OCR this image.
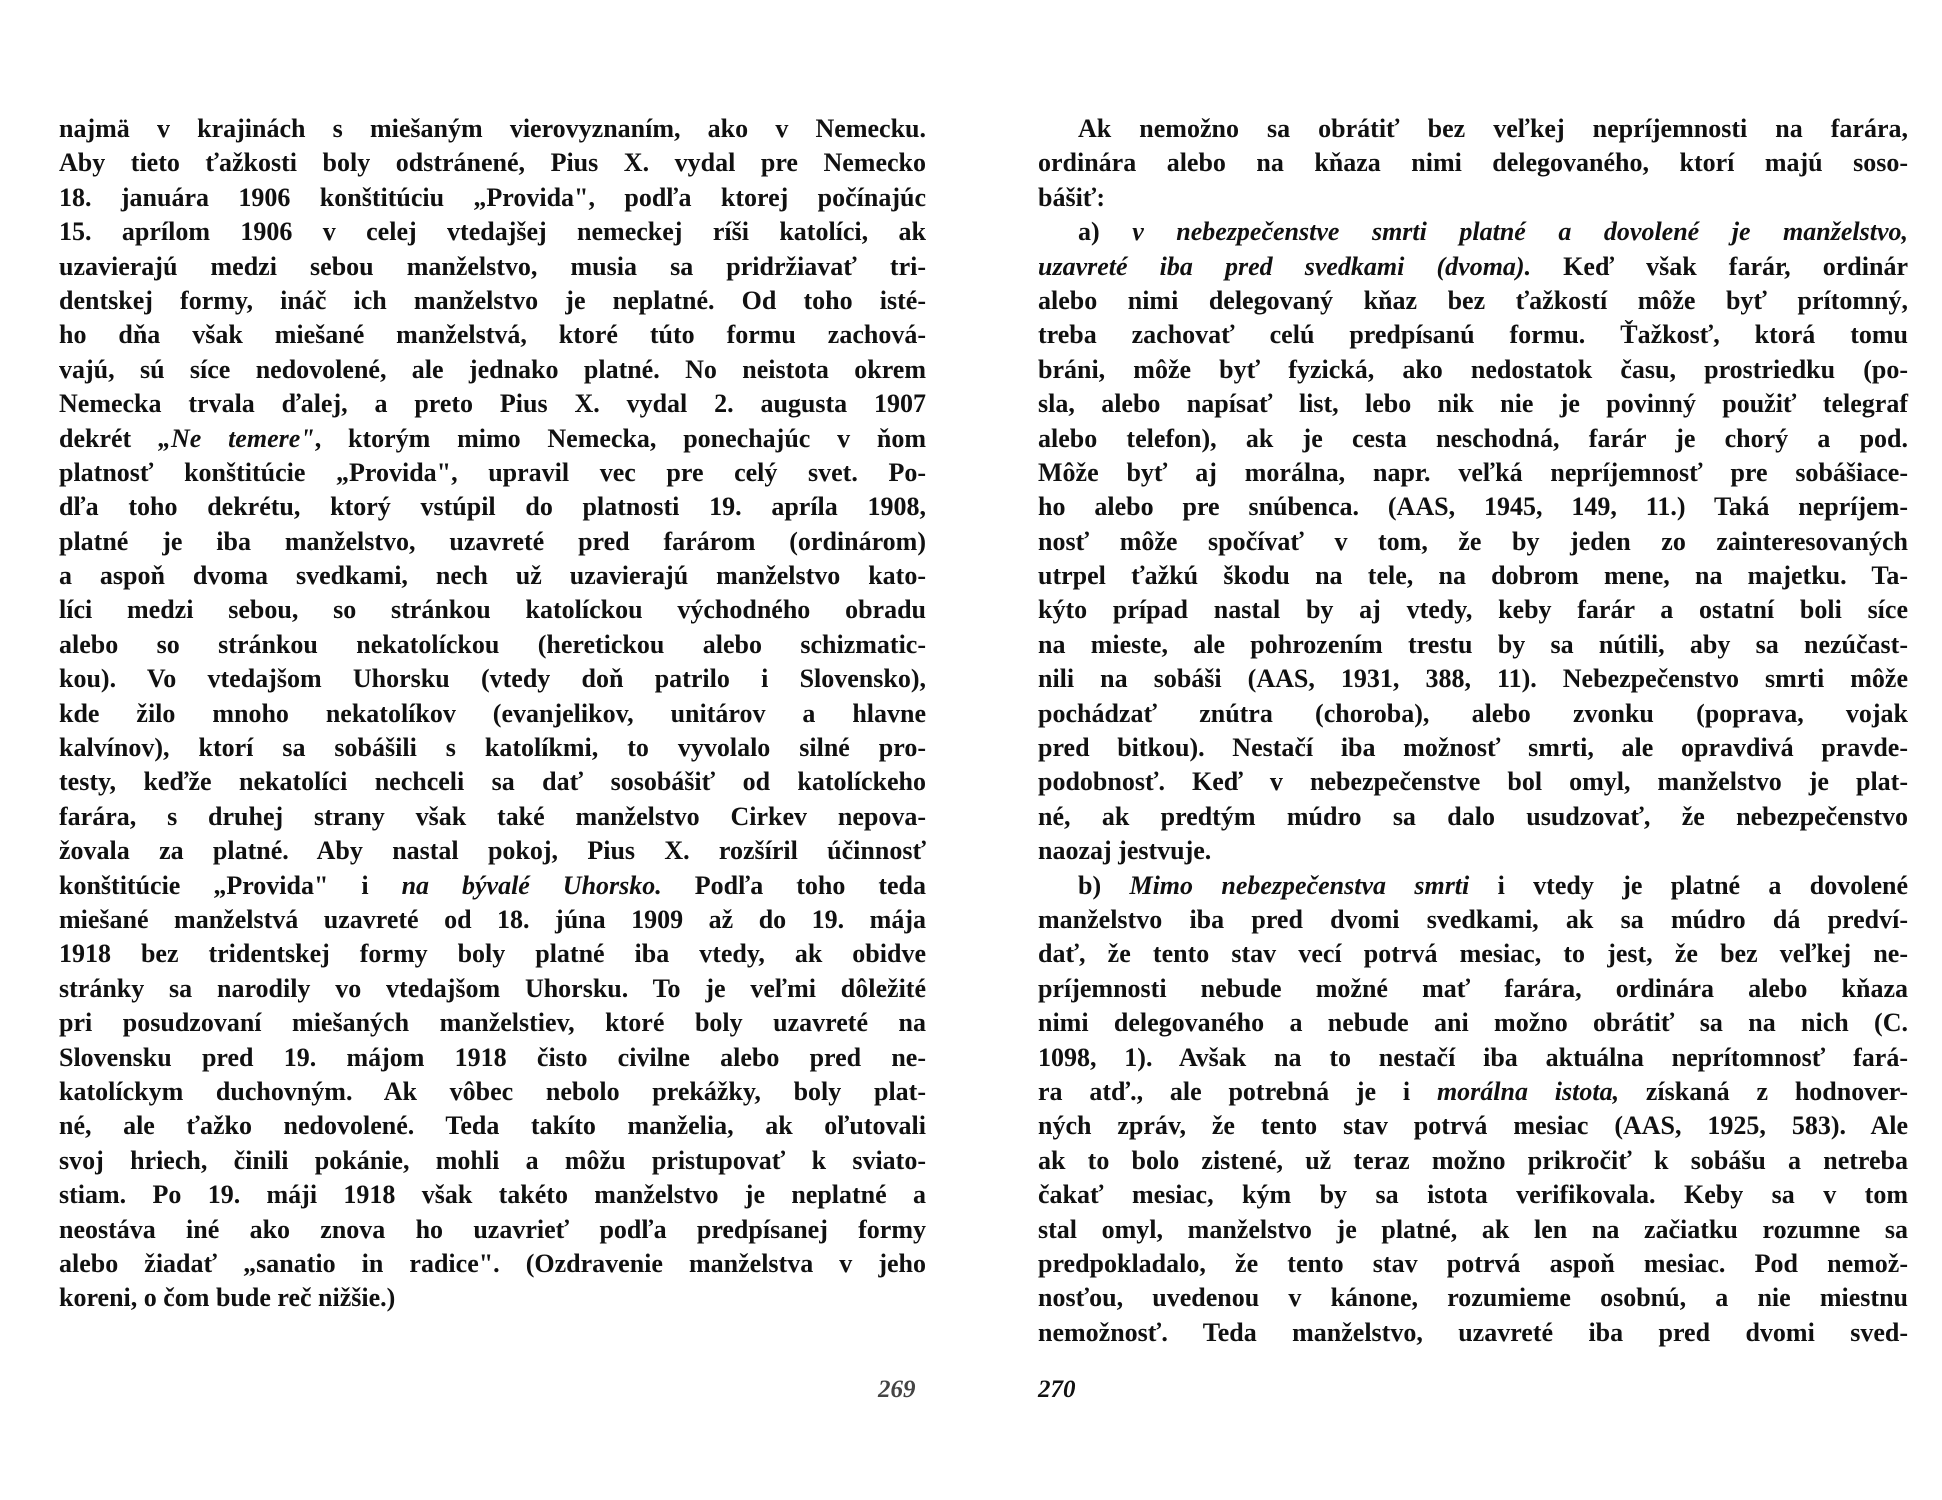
najmä v krajinách s miešaným vierovyznaním, ako v Nemecku.
Aby tieto ťažkosti boly odstránené, Pius X. vydal pre Nemecko
18. januára 1906 konštitúciu „Provida", podľa ktorej počínajúc
15. aprílom 1906 v celej vtedajšej nemeckej ríši katolíci, ak
uzavierajú medzi sebou manželstvo, musia sa pridržiavať tri-
dentskej formy, ináč ich manželstvo je neplatné. Od toho isté-
ho dňa však miešané manželstvá, ktoré túto formu zachová-
vajú, sú síce nedovolené, ale jednako platné. No neistota okrem
Nemecka trvala ďalej, a preto Pius X. vydal 2. augusta 1907
dekrét „Ne temere", ktorým mimo Nemecka, ponechajúc v ňom
platnosť konštitúcie „Provida", upravil vec pre celý svet. Po-
dľa toho dekrétu, ktorý vstúpil do platnosti 19. apríla 1908,
platné je iba manželstvo, uzavreté pred farárom (ordinárom)
a aspoň dvoma svedkami, nech už uzavierajú manželstvo kato-
líci medzi sebou, so stránkou katolíckou východného obradu
alebo so stránkou nekatolíckou (heretickou alebo schizmatic-
kou). Vo vtedajšom Uhorsku (vtedy doň patrilo i Slovensko),
kde žilo mnoho nekatolíkov (evanjelikov, unitárov a hlavne
kalvínov), ktorí sa sobášili s katolíkmi, to vyvolalo silné pro-
testy, keďže nekatolíci nechceli sa dať sosobášiť od katolíckeho
farára, s druhej strany však také manželstvo Cirkev nepova-
žovala za platné. Aby nastal pokoj, Pius X. rozšíril účinnosť
konštitúcie „Provida" i na bývalé Uhorsko. Podľa toho teda
miešané manželstvá uzavreté od 18. júna 1909 až do 19. mája
1918 bez tridentskej formy boly platné iba vtedy, ak obidve
stránky sa narodily vo vtedajšom Uhorsku. To je veľmi dôležité
pri posudzovaní miešaných manželstiev, ktoré boly uzavreté na
Slovensku pred 19. májom 1918 čisto civilne alebo pred ne-
katolíckym duchovným. Ak vôbec nebolo prekážky, boly plat-
né, ale ťažko nedovolené. Teda takíto manželia, ak oľutovali
svoj hriech, činili pokánie, mohli a môžu pristupovať k sviato-
stiam. Po 19. máji 1918 však takéto manželstvo je neplatné a
neostáva iné ako znova ho uzavrieť podľa predpísanej formy
alebo žiadať „sanatio in radice". (Ozdravenie manželstva v jeho
koreni, o čom bude reč nižšie.)
Ak nemožno sa obrátiť bez veľkej nepríjemnosti na farára,
ordinára alebo na kňaza nimi delegovaného, ktorí majú soso-
bášiť:
a) v nebezpečenstve smrti platné a dovolené je manželstvo,
uzavreté iba pred svedkami (dvoma). Keď však farár, ordinár
alebo nimi delegovaný kňaz bez ťažkostí môže byť prítomný,
treba zachovať celú predpísanú formu. Ťažkosť, ktorá tomu
bráni, môže byť fyzická, ako nedostatok času, prostriedku (po-
sla, alebo napísať list, lebo nik nie je povinný použiť telegraf
alebo telefon), ak je cesta neschodná, farár je chorý a pod.
Môže byť aj morálna, napr. veľká nepríjemnosť pre sobášiace-
ho alebo pre snúbenca. (AAS, 1945, 149, 11.) Taká nepríjem-
nosť môže spočívať v tom, že by jeden zo zainteresovaných
utrpel ťažkú škodu na tele, na dobrom mene, na majetku. Ta-
kýto prípad nastal by aj vtedy, keby farár a ostatní boli síce
na mieste, ale pohrozením trestu by sa nútili, aby sa nezúčast-
nili na sobáši (AAS, 1931, 388, 11). Nebezpečenstvo smrti môže
pochádzať znútra (choroba), alebo zvonku (poprava, vojak
pred bitkou). Nestačí iba možnosť smrti, ale opravdivá pravde-
podobnosť. Keď v nebezpečenstve bol omyl, manželstvo je plat-
né, ak predtým múdro sa dalo usudzovať, že nebezpečenstvo
naozaj jestvuje.
b) Mimo nebezpečenstva smrti i vtedy je platné a dovolené
manželstvo iba pred dvomi svedkami, ak sa múdro dá predví-
dať, že tento stav vecí potrvá mesiac, to jest, že bez veľkej ne-
príjemnosti nebude možné mať farára, ordinára alebo kňaza
nimi delegovaného a nebude ani možno obrátiť sa na nich (C.
1098, 1). Avšak na to nestačí iba aktuálna neprítomnosť fará-
ra atď., ale potrebná je i morálna istota, získaná z hodnover-
ných zpráv, že tento stav potrvá mesiac (AAS, 1925, 583). Ale
ak to bolo zistené, už teraz možno prikročiť k sobášu a netreba
čakať mesiac, kým by sa istota verifikovala. Keby sa v tom
stal omyl, manželstvo je platné, ak len na začiatku rozumne sa
predpokladalo, že tento stav potrvá aspoň mesiac. Pod nemož-
nosťou, uvedenou v kánone, rozumieme osobnú, a nie miestnu
nemožnosť. Teda manželstvo, uzavreté iba pred dvomi sved-
269	270
